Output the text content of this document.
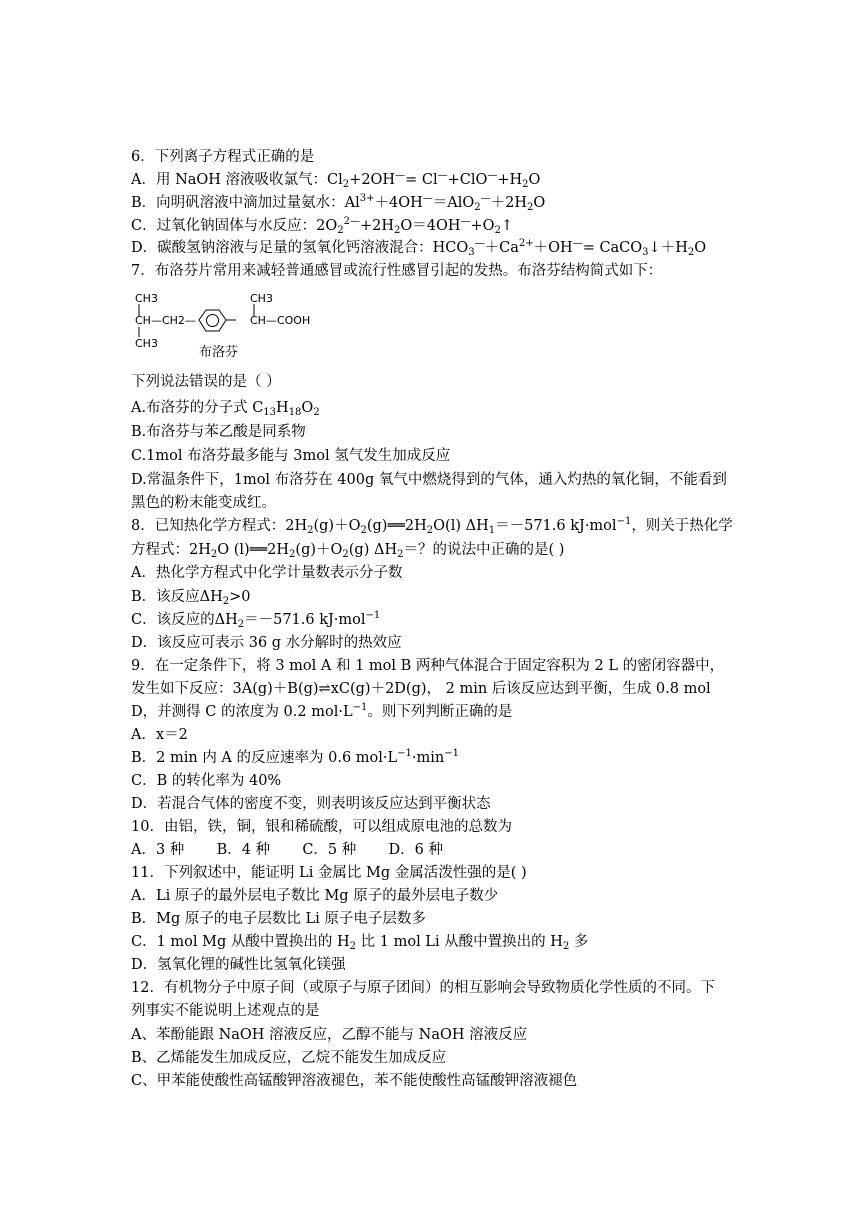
6．下列离子方程式正确的是
A．用 NaOH 溶液吸收氯气：$Cl_2+2OH^—= Cl^—+ClO^—+H_2O$
B．向明矾溶液中滴加过量氨水：$Al^{3+}+4OH^—=AlO_2^—+2H_2O$
C．过氧化钠固体与水反应：$2O_2^{2—}+2H_2O=4OH^—+O_2↑$
D．碳酸氢钠溶液与足量的氢氧化钙溶液混合：$HCO_3^—+Ca^{2+}+OH^—=$ $CaCO_3↓+H_2O$
7．布洛芬片常用来减轻普通感冒或流行性感冒引起的发热。布洛芬结构简式如下：
CH3
CH—CH2—
CH3
CH3
CH—COOH
布洛芬
下列说法错误的是（ ）
A.布洛芬的分子式 $C_{13}H_{18}O_2$
B.布洛芬与苯乙酸是同系物
C.1mol 布洛芬最多能与 3mol 氢气发生加成反应
D.常温条件下，1mol 布洛芬在 400g 氧气中燃烧得到的气体，通入灼热的氧化铜，不能看到
黑色的粉末能变成红。
8．已知热化学方程式：$2H_2(g)+O_2(g)══2H_2O(l)$ $\Delta H_1=-571.6$ kJ·mol$^{-1}$，则关于热化学
方程式：$2H_2O$ $(l)══2H_2(g)+O_2(g)$ $\Delta H_2=$？的说法中正确的是( )
A．热化学方程式中化学计量数表示分子数
B．该反应$\Delta H_2>0$
C．该反应的$\Delta H_2=-571.6$ kJ·mol$^{-1}$
D．该反应可表示 36 g 水分解时的热效应
9．在一定条件下，将 3 mol A 和 1 mol B 两种气体混合于固定容积为 2 L 的密闭容器中，
发生如下反应：3A(g)＋B(g)⇌xC(g)＋2D(g)， 2 min 后该反应达到平衡，生成 0.8 mol
D，并测得 C 的浓度为 0.2 $mol\cdot L^{-1}$。则下列判断正确的是
A．x＝2
B．2 min 内 A 的反应速率为 0.6 $mol\cdot L^{-1}\cdot\min^{-1}$
C．B 的转化率为 40%
D．若混合气体的密度不变，则表明该反应达到平衡状态
10．由铝，铁，铜，银和稀硫酸，可以组成原电池的总数为
A．3 种       B．4 种       C．5 种       D．6 种
11．下列叙述中，能证明 Li 金属比 Mg 金属活泼性强的是( )
A．Li 原子的最外层电子数比 Mg 原子的最外层电子数少
B．Mg 原子的电子层数比 Li 原子电子层数多
C．1 mol Mg 从酸中置换出的 $H_2$ 比 1 mol Li 从酸中置换出的 $H_2$ 多
D．氢氧化锂的碱性比氢氧化镁强
12．有机物分子中原子间（或原子与原子团间）的相互影响会导致物质化学性质的不同。下
列事实不能说明上述观点的是
A、苯酚能跟 NaOH 溶液反应，乙醇不能与 NaOH 溶液反应
B、乙烯能发生加成反应，乙烷不能发生加成反应
C、甲苯能使酸性高锰酸钾溶液褪色，苯不能使酸性高锰酸钾溶液褪色
